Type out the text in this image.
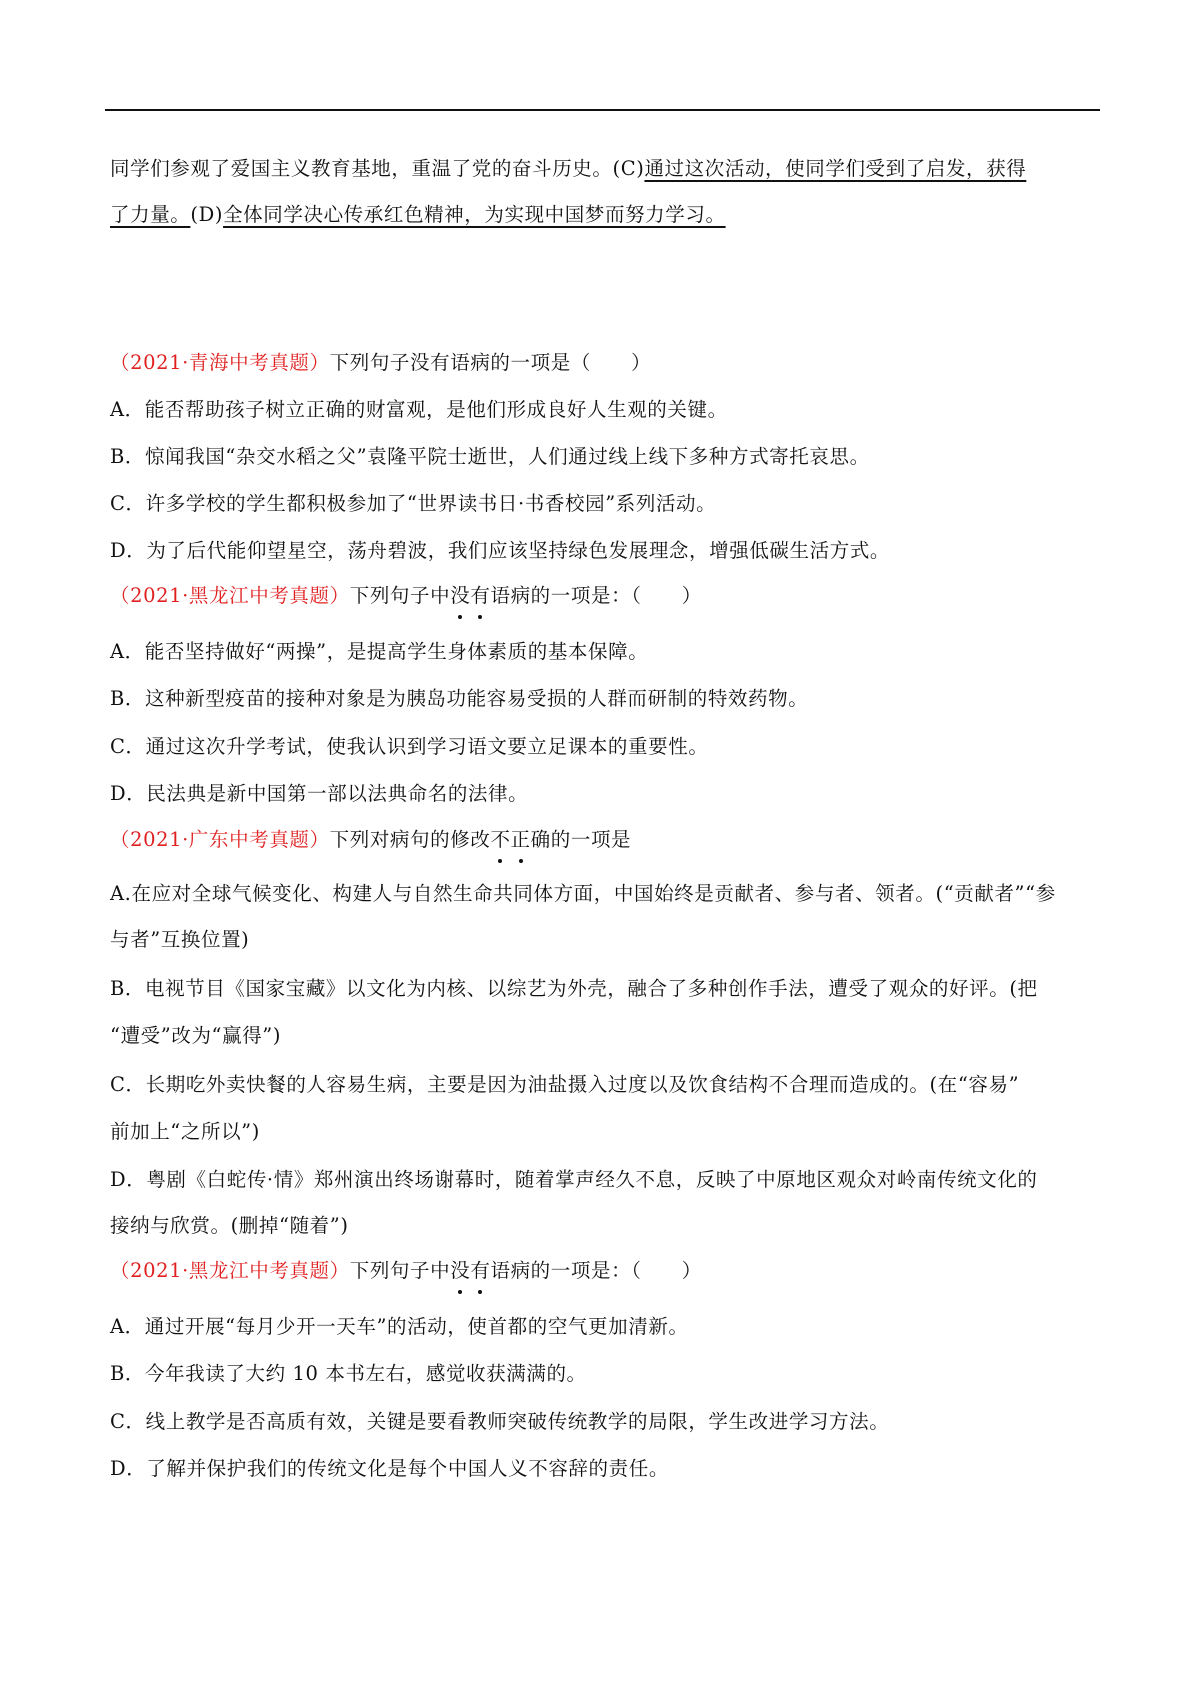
同学们参观了爱国主义教育基地，重温了党的奋斗历史。(C)通过这次活动，使同学们受到了启发，获得
了力量。(D)全体同学决心传承红色精神，为实现中国梦而努力学习。
（2021·青海中考真题）下列句子没有语病的一项是（　　）
A．能否帮助孩子树立正确的财富观，是他们形成良好人生观的关键。
B．惊闻我国“杂交水稻之父”袁隆平院士逝世，人们通过线上线下多种方式寄托哀思。
C．许多学校的学生都积极参加了“世界读书日·书香校园”系列活动。
D．为了后代能仰望星空，荡舟碧波，我们应该坚持绿色发展理念，增强低碳生活方式。
（2021·黑龙江中考真题）下列句子中没有语病的一项是：（　　）
A．能否坚持做好“两操”，是提高学生身体素质的基本保障。
B．这种新型疫苗的接种对象是为胰岛功能容易受损的人群而研制的特效药物。
C．通过这次升学考试，使我认识到学习语文要立足课本的重要性。
D．民法典是新中国第一部以法典命名的法律。
（2021·广东中考真题）下列对病句的修改不正确的一项是
A.在应对全球气候变化、构建人与自然生命共同体方面，中国始终是贡献者、参与者、领者。(“贡献者”“参
与者”互换位置)
B．电视节目《国家宝藏》以文化为内核、以综艺为外壳，融合了多种创作手法，遭受了观众的好评。(把
“遭受”改为“赢得”)
C．长期吃外卖快餐的人容易生病，主要是因为油盐摄入过度以及饮食结构不合理而造成的。(在“容易”
前加上“之所以”)
D．粤剧《白蛇传·情》郑州演出终场谢幕时，随着掌声经久不息，反映了中原地区观众对岭南传统文化的
接纳与欣赏。(删掉“随着”)
（2021·黑龙江中考真题）下列句子中没有语病的一项是：（　　）
A．通过开展“每月少开一天车”的活动，使首都的空气更加清新。
B．今年我读了大约 10 本书左右，感觉收获满满的。
C．线上教学是否高质有效，关键是要看教师突破传统教学的局限，学生改进学习方法。
D．了解并保护我们的传统文化是每个中国人义不容辞的责任。
